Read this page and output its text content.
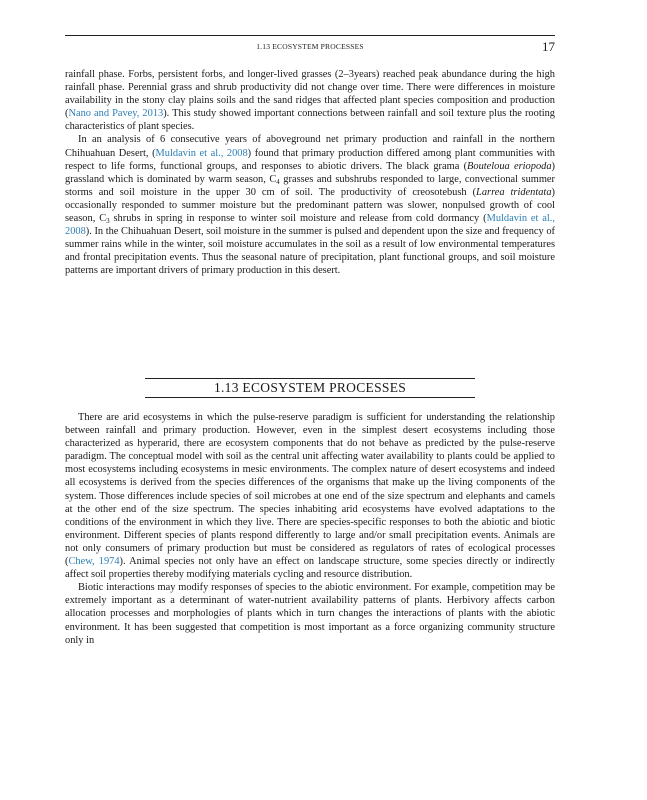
1.13 ECOSYSTEM PROCESSES	17

rainfall phase. Forbs, persistent forbs, and longer-lived grasses (2–3years) reached peak abundance during the high rainfall phase. Perennial grass and shrub productivity did not change over time. There were differences in moisture availability in the stony clay plains soils and the sand ridges that affected plant species composition and production (Nano and Pavey, 2013). This study showed important connections between rainfall and soil texture plus the rooting characteristics of plant species.

In an analysis of 6 consecutive years of aboveground net primary production and rainfall in the northern Chihuahuan Desert, (Muldavin et al., 2008) found that primary production differed among plant communities with respect to life forms, functional groups, and responses to abiotic drivers. The black grama (Bouteloua eriopoda) grassland which is dominated by warm season, $C_4$ grasses and subshrubs responded to large, convectional summer storms and soil moisture in the upper 30 cm of soil. The productivity of creosotebush (Larrea tridentata) occasionally responded to summer moisture but the predominant pattern was slower, nonpulsed growth of cool season, $C_3$ shrubs in spring in response to winter soil moisture and release from cold dormancy (Muldavin et al., 2008). In the Chihuahuan Desert, soil moisture in the summer is pulsed and dependent upon the size and frequency of summer rains while in the winter, soil moisture accumulates in the soil as a result of low environmental temperatures and frontal precipitation events. Thus the seasonal nature of precipitation, plant functional groups, and soil moisture patterns are important drivers of primary production in this desert.

1.13 ECOSYSTEM PROCESSES

There are arid ecosystems in which the pulse-reserve paradigm is sufficient for understanding the relationship between rainfall and primary production. However, even in the simplest desert ecosystems including those characterized as hyperarid, there are ecosystem components that do not behave as predicted by the pulse-reserve paradigm. The conceptual model with soil as the central unit affecting water availability to plants could be applied to most ecosystems including ecosystems in mesic environments. The complex nature of desert ecosystems and indeed all ecosystems is derived from the species differences of the organisms that make up the living components of the system. Those differences include species of soil microbes at one end of the size spectrum and elephants and camels at the other end of the size spectrum. The species inhabiting arid ecosystems have evolved adaptations to the conditions of the environment in which they live. There are species-specific responses to both the abiotic and biotic environment. Different species of plants respond differently to large and/or small precipitation events. Animals are not only consumers of primary production but must be considered as regulators of rates of ecological processes (Chew, 1974). Animal species not only have an effect on landscape structure, some species directly or indirectly affect soil properties thereby modifying materials cycling and resource distribution.

Biotic interactions may modify responses of species to the abiotic environment. For example, competition may be extremely important as a determinant of water-nutrient availability patterns of plants. Herbivory affects carbon allocation processes and morphologies of plants which in turn changes the interactions of plants with the abiotic environment. It has been suggested that competition is most important as a force organizing community structure only in
